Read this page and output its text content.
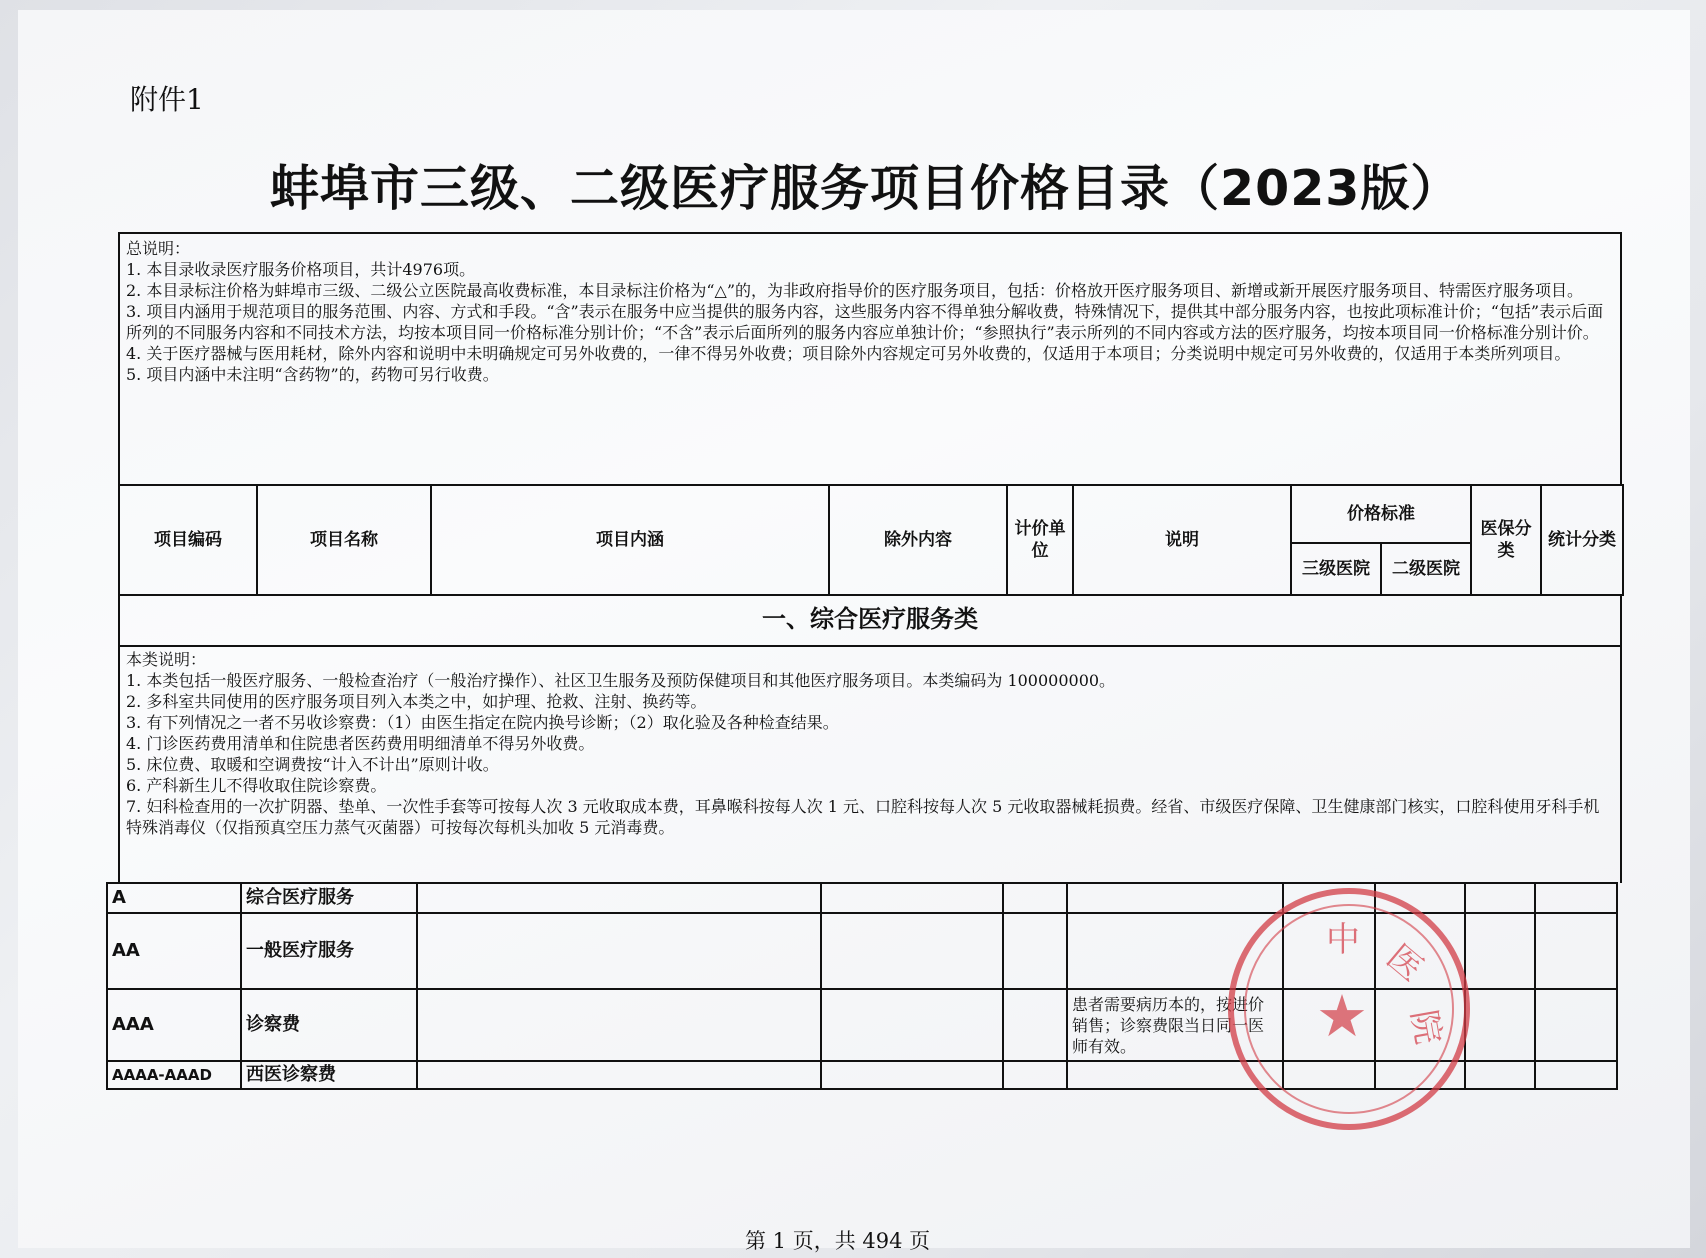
附件1
蚌埠市三级、二级医疗服务项目价格目录（2023版）
总说明：
1. 本目录收录医疗服务价格项目，共计4976项。
2. 本目录标注价格为蚌埠市三级、二级公立医院最高收费标准，本目录标注价格为“△”的，为非政府指导价的医疗服务项目，包括：价格放开医疗服务项目、新增或新开展医疗服务项目、特需医疗服务项目。
3. 项目内涵用于规范项目的服务范围、内容、方式和手段。“含”表示在服务中应当提供的服务内容，这些服务内容不得单独分解收费，特殊情况下，提供其中部分服务内容，也按此项标准计价；“包括”表示后面所列的不同服务内容和不同技术方法，均按本项目同一价格标准分别计价；“不含”表示后面所列的服务内容应单独计价；“参照执行”表示所列的不同内容或方法的医疗服务，均按本项目同一价格标准分别计价。
4. 关于医疗器械与医用耗材，除外内容和说明中未明确规定可另外收费的，一律不得另外收费；项目除外内容规定可另外收费的，仅适用于本项目；分类说明中规定可另外收费的，仅适用于本类所列项目。
5. 项目内涵中未注明“含药物”的，药物可另行收费。
项目编码	项目名称	项目内涵	除外内容	计价单位	说明	价格标准		医保分类	统计分类
						三级医院	二级医院		
一、综合医疗服务类
本类说明：
1. 本类包括一般医疗服务、一般检查治疗（一般治疗操作）、社区卫生服务及预防保健项目和其他医疗服务项目。本类编码为 100000000。
2. 多科室共同使用的医疗服务项目列入本类之中，如护理、抢救、注射、换药等。
3. 有下列情况之一者不另收诊察费：（1）由医生指定在院内换号诊断；（2）取化验及各种检查结果。
4. 门诊医药费用清单和住院患者医药费用明细清单不得另外收费。
5. 床位费、取暖和空调费按“计入不计出”原则计收。
6. 产科新生儿不得收取住院诊察费。
7. 妇科检查用的一次扩阴器、垫单、一次性手套等可按每人次 3 元收取成本费，耳鼻喉科按每人次 1 元、口腔科按每人次 5 元收取器械耗损费。经省、市级医疗保障、卫生健康部门核实，口腔科使用牙科手机特殊消毒仪（仅指预真空压力蒸气灭菌器）可按每次每机头加收 5 元消毒费。
A	综合医疗服务								
AA	一般医疗服务								
AAA	诊察费				患者需要病历本的，按进价销售；诊察费限当日同一医师有效。				
AAAA-AAAD	西医诊察费								
★
中 医
院
第 1 页，共 494 页
